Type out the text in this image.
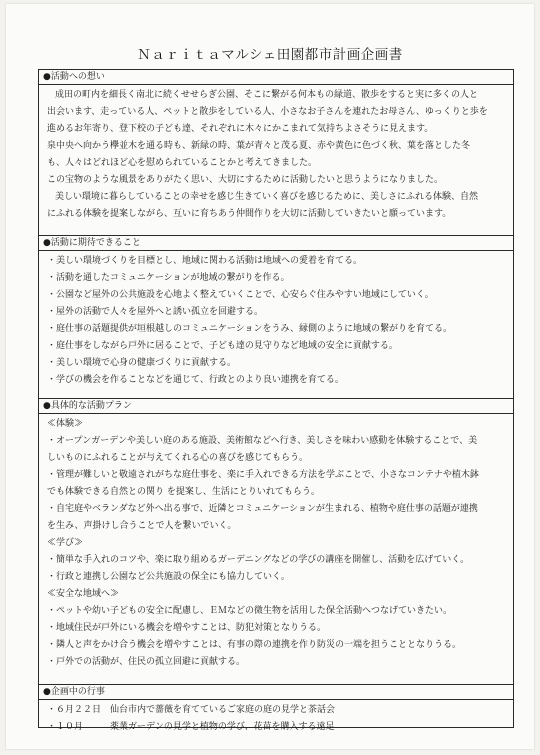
Ｎａｒｉｔａマルシェ田園都市計画企画書
●活動への想い
成田の町内を細長く南北に続くせせらぎ公園、そこに繋がる何本もの緑道、散歩をすると実に多くの人と
出会います、走っている人、ペットと散歩をしている人、小さなお子さんを連れたお母さん、ゆっくりと歩を
進めるお年寄り、登下校の子ども達、それぞれに木々にかこまれて気持ちよさそうに見えます。
泉中央へ向かう欅並木を通る時も、新緑の時、葉が青々と茂る夏、赤や黄色に色づく秋、葉を落とした冬
も、人々はどれほど心を慰められていることかと考えてきました。
この宝物のような風景をありがたく思い、大切にするために活動したいと思うようになりました。
美しい環境に暮らしていることの幸せを感じ生きていく喜びを感じるために、美しさにふれる体験、自然
にふれる体験を提案しながら、互いに育ちあう仲間作りを大切に活動していきたいと願っています。
●活動に期待できること
・美しい環境づくりを目標とし、地域に関わる活動は地域への愛着を育てる。
・活動を通したコミュニケーションが地域の繋がりを作る。
・公園など屋外の公共施設を心地よく整えていくことで、心安らぐ住みやすい地域にしていく。
・屋外の活動で人々を屋外へと誘い孤立を回避する。
・庭仕事の話題提供が垣根越しのコミュニケーションをうみ、縁側のように地域の繋がりを育てる。
・庭仕事をしながら戸外に居ることで、子ども達の見守りなど地域の安全に貢献する。
・美しい環境で心身の健康づくりに貢献する。
・学びの機会を作ることなどを通じて、行政とのより良い連携を育てる。
●具体的な活動プラン
≪体験≫
・オープンガーデンや美しい庭のある施設、美術館などへ行き、美しさを味わい感動を体験することで、美
しいものにふれることが与えてくれる心の喜びを感じてもらう。
・管理が難しいと敬遠されがちな庭仕事を、楽に手入れできる方法を学ぶことで、小さなコンテナや植木鉢
でも体験できる自然との関り を提案し、生活にとりいれてもらう。
・自宅庭やベランダなど外へ出る事で、近隣とコミュニケーションが生まれる、植物や庭仕事の話題が連携
を生み、声掛けし合うことで人を繋いでいく。
≪学び≫
・簡単な手入れのコツや、楽に取り組めるガーデニングなどの学びの講座を開催し、活動を広げていく。
・行政と連携し公園など公共施設の保全にも協力していく。
≪安全な地域へ≫
・ペットや幼い子どもの安全に配慮し、ＥＭなどの微生物を活用した保全活動へつなげていきたい。
・地域住民が戸外にいる機会を増やすことは、防犯対策となりうる。
・隣人と声をかけ合う機会を増やすことは、有事の際の連携を作り防災の一端を担うこととなりうる。
・戸外での活動が、住民の孤立回避に貢献する。
●企画中の行事
・６月２２日　仙台市内で薔薇を育てているご家庭の庭の見学と茶話会
・１０月　　　薬業ガーデンの見学と植物の学び、花苗を購入する遠足
